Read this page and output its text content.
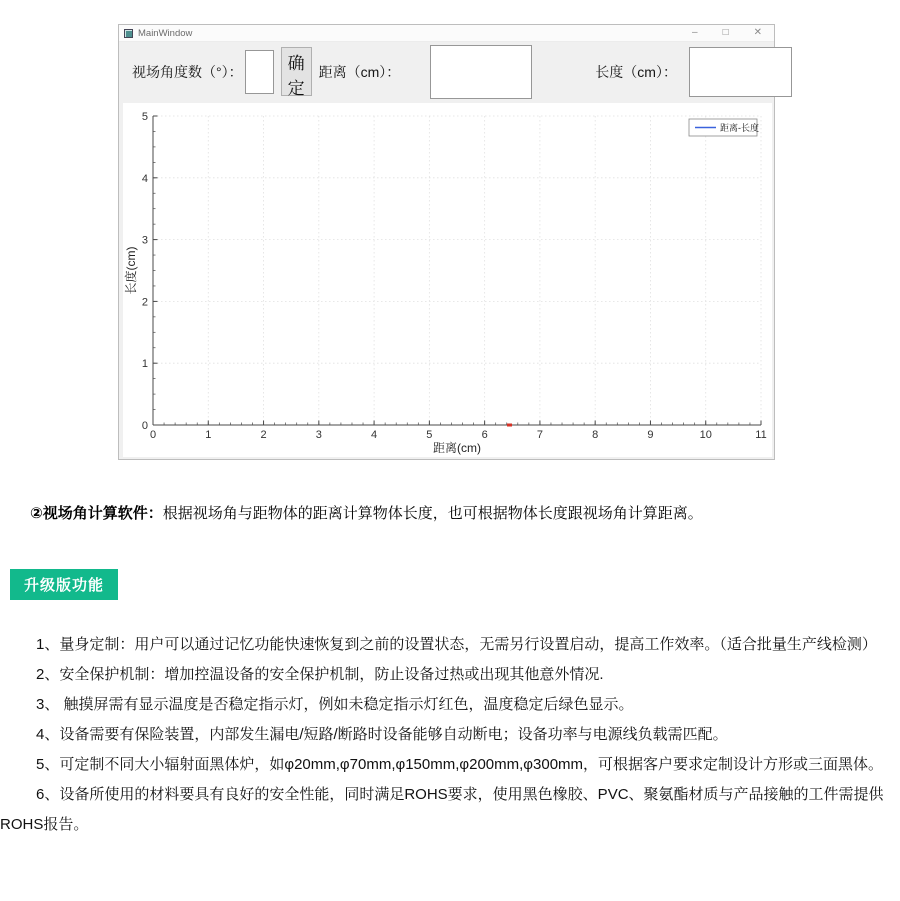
MainWindow	–	□	✕
视场角度数（°）：	确定
距离（cm）：	长度（cm）：
0	1	2	3	4	5	6	7	8	9	10	11
0
1
2
3
4
5
距离(cm)
长度(cm)
距离-长度

②视场角计算软件：根据视场角与距物体的距离计算物体长度，也可根据物体长度跟视场角计算距离。

升级版功能

1、量身定制：用户可以通过记忆功能快速恢复到之前的设置状态，无需另行设置启动，提高工作效率。（适合批量生产线检测）

2、安全保护机制：增加控温设备的安全保护机制，防止设备过热或出现其他意外情况.

3、 触摸屏需有显示温度是否稳定指示灯，例如未稳定指示灯红色，温度稳定后绿色显示。

4、设备需要有保险装置，内部发生漏电/短路/断路时设备能够自动断电；设备功率与电源线负载需匹配。

5、可定制不同大小辐射面黑体炉，如φ20mm,φ70mm,φ150mm,φ200mm,φ300mm，可根据客户要求定制设计方形或三面黑体。

6、设备所使用的材料要具有良好的安全性能，同时满足ROHS要求，使用黑色橡胶、PVC、聚氨酯材质与产品接触的工件需提供ROHS报告。
